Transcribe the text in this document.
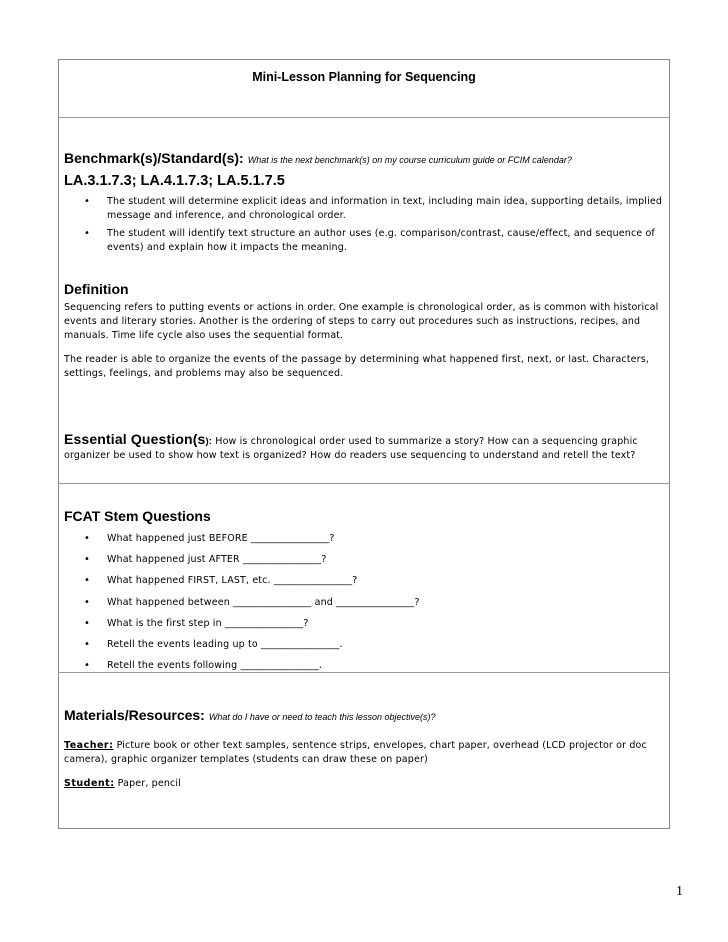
Mini-Lesson Planning for Sequencing
Benchmark(s)/Standard(s): What is the next benchmark(s) on my course curriculum guide or FCIM calendar?
LA.3.1.7.3; LA.4.1.7.3; LA.5.1.7.5
• The student will determine explicit ideas and information in text, including main idea, supporting details, implied message and inference, and chronological order.
• The student will identify text structure an author uses (e.g. comparison/contrast, cause/effect, and sequence of events) and explain how it impacts the meaning.
Definition

Sequencing refers to putting events or actions in order. One example is chronological order, as is common with historical events and literary stories. Another is the ordering of steps to carry out procedures such as instructions, recipes, and manuals. Time life cycle also uses the sequential format.

The reader is able to organize the events of the passage by determining what happened first, next, or last. Characters, settings, feelings, and problems may also be sequenced.

Essential Question(s): How is chronological order used to summarize a story? How can a sequencing graphic organizer be used to show how text is organized? How do readers use sequencing to understand and retell the text?

FCAT Stem Questions
• What happened just BEFORE ________________?
• What happened just AFTER ________________?
• What happened FIRST, LAST, etc. ________________?
• What happened between ________________ and ________________?
• What is the first step in ________________?
• Retell the events leading up to ________________.
• Retell the events following ________________.
Materials/Resources: What do I have or need to teach this lesson objective(s)?

Teacher: Picture book or other text samples, sentence strips, envelopes, chart paper, overhead (LCD projector or doc camera), graphic organizer templates (students can draw these on paper)

Student: Paper, pencil

1
